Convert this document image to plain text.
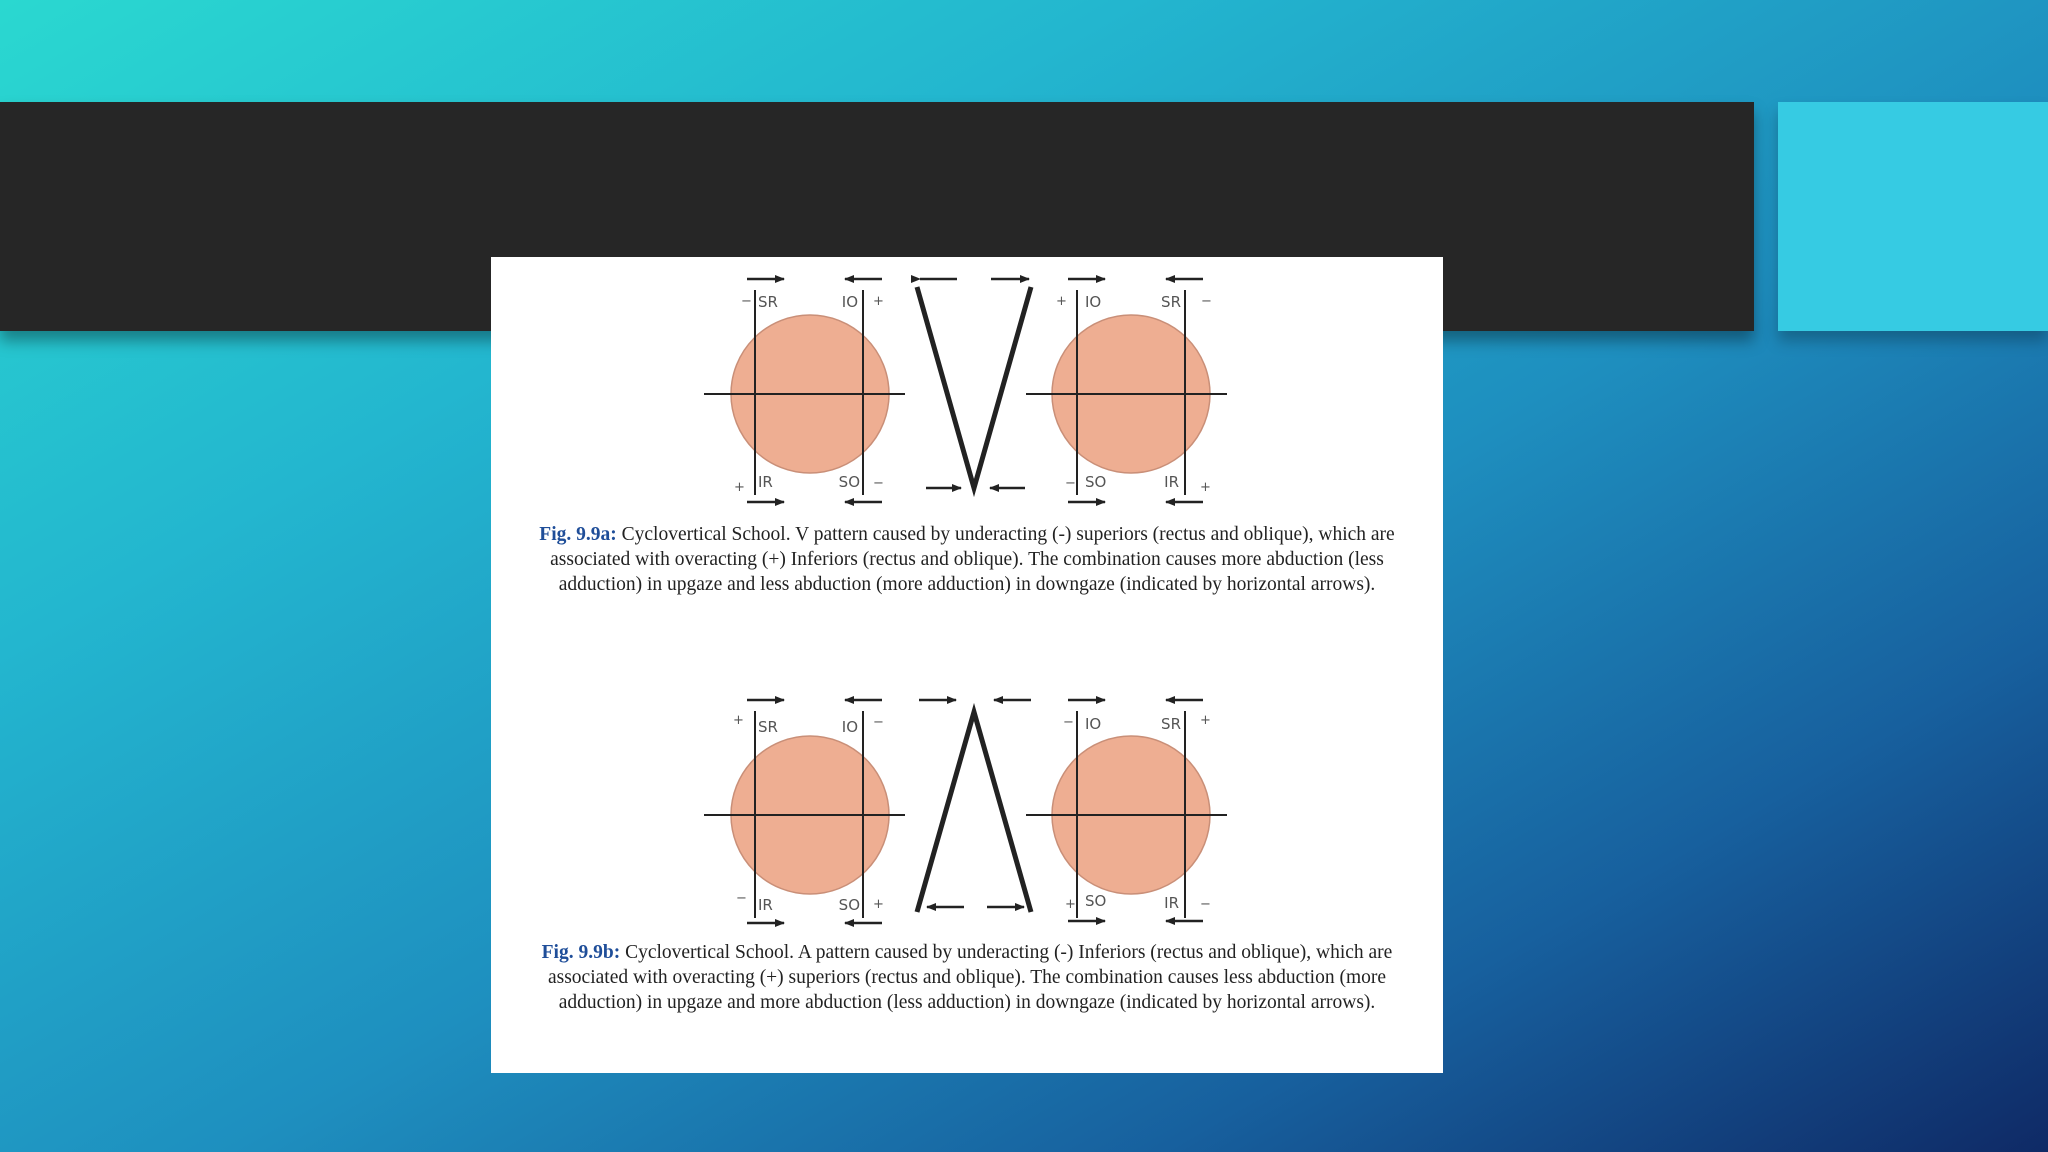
SR	IO
IR	SO
−	+
+	−
IO	SR
SO	IR
+	−
−	+
SR	IO
IR	SO
+	−
−	+
IO	SR
SO	IR
−	+
+	−
Fig. 9.9a: Cyclovertical School. V pattern caused by underacting (-) superiors (rectus and oblique), which are associated with overacting (+) Inferiors (rectus and oblique). The combination causes more abduction (less adduction) in upgaze and less abduction (more adduction) in downgaze (indicated by horizontal arrows).
Fig. 9.9b: Cyclovertical School. A pattern caused by underacting (-) Inferiors (rectus and oblique), which are associated with overacting (+) superiors (rectus and oblique). The combination causes less abduction (more adduction) in upgaze and more abduction (less adduction) in downgaze (indicated by horizontal arrows).
